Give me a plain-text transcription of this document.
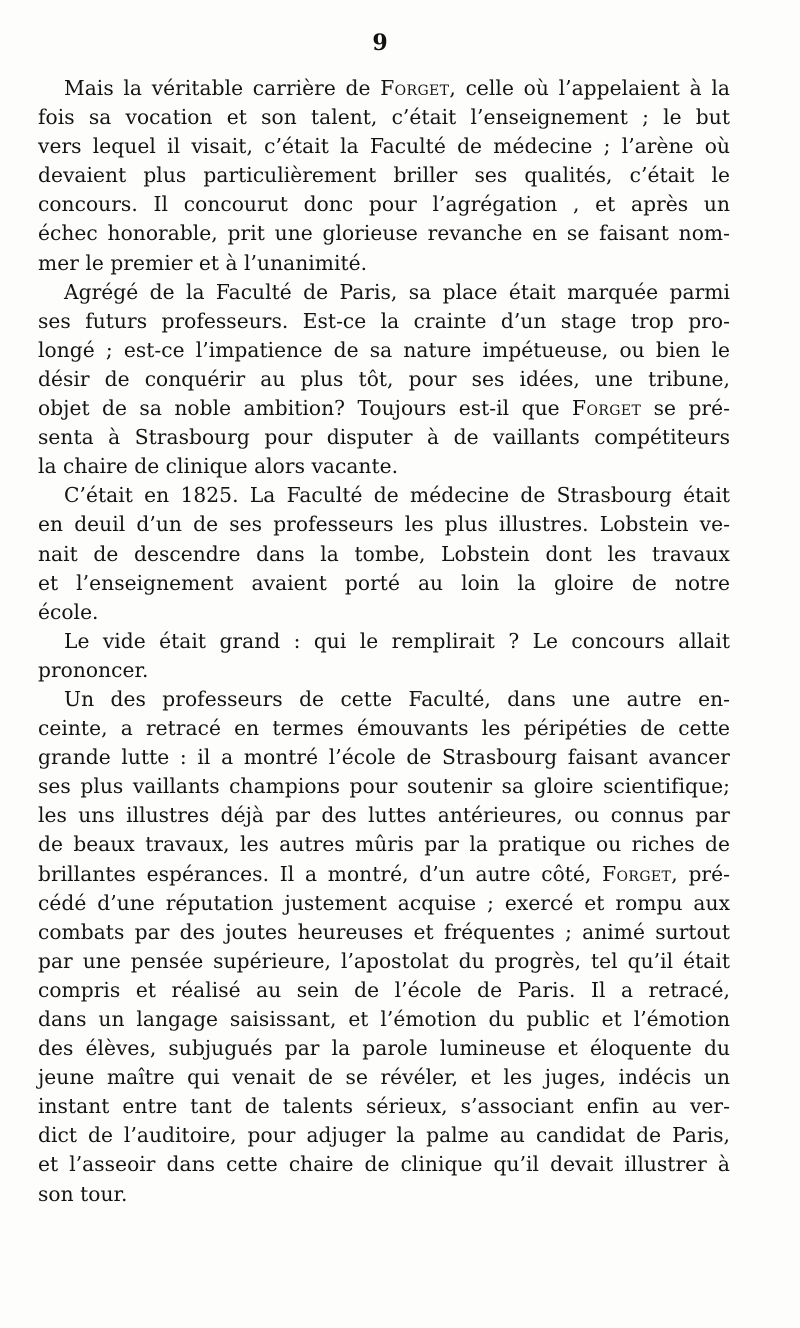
9
Mais la véritable carrière de Forget, celle où l’appelaient à la
fois sa vocation et son talent, c’était l’enseignement ; le but
vers lequel il visait, c’était la Faculté de médecine ; l’arène où
devaient plus particulièrement briller ses qualités, c’était le
concours. Il concourut donc pour l’agrégation , et après un
échec honorable, prit une glorieuse revanche en se faisant nom-
mer le premier et à l’unanimité.
Agrégé de la Faculté de Paris, sa place était marquée parmi
ses futurs professeurs. Est-ce la crainte d’un stage trop pro-
longé ; est-ce l’impatience de sa nature impétueuse, ou bien le
désir de conquérir au plus tôt, pour ses idées, une tribune,
objet de sa noble ambition? Toujours est-il que Forget se pré-
senta à Strasbourg pour disputer à de vaillants compétiteurs
la chaire de clinique alors vacante.
C’était en 1825. La Faculté de médecine de Strasbourg était
en deuil d’un de ses professeurs les plus illustres. Lobstein ve-
nait de descendre dans la tombe, Lobstein dont les travaux
et l’enseignement avaient porté au loin la gloire de notre
école.
Le vide était grand : qui le remplirait ? Le concours allait
prononcer.
Un des professeurs de cette Faculté, dans une autre en-
ceinte, a retracé en termes émouvants les péripéties de cette
grande lutte : il a montré l’école de Strasbourg faisant avancer
ses plus vaillants champions pour soutenir sa gloire scientifique;
les uns illustres déjà par des luttes antérieures, ou connus par
de beaux travaux, les autres mûris par la pratique ou riches de
brillantes espérances. Il a montré, d’un autre côté, Forget, pré-
cédé d’une réputation justement acquise ; exercé et rompu aux
combats par des joutes heureuses et fréquentes ; animé surtout
par une pensée supérieure, l’apostolat du progrès, tel qu’il était
compris et réalisé au sein de l’école de Paris. Il a retracé,
dans un langage saisissant, et l’émotion du public et l’émotion
des élèves, subjugués par la parole lumineuse et éloquente du
jeune maître qui venait de se révéler, et les juges, indécis un
instant entre tant de talents sérieux, s’associant enfin au ver-
dict de l’auditoire, pour adjuger la palme au candidat de Paris,
et l’asseoir dans cette chaire de clinique qu’il devait illustrer à
son tour.
